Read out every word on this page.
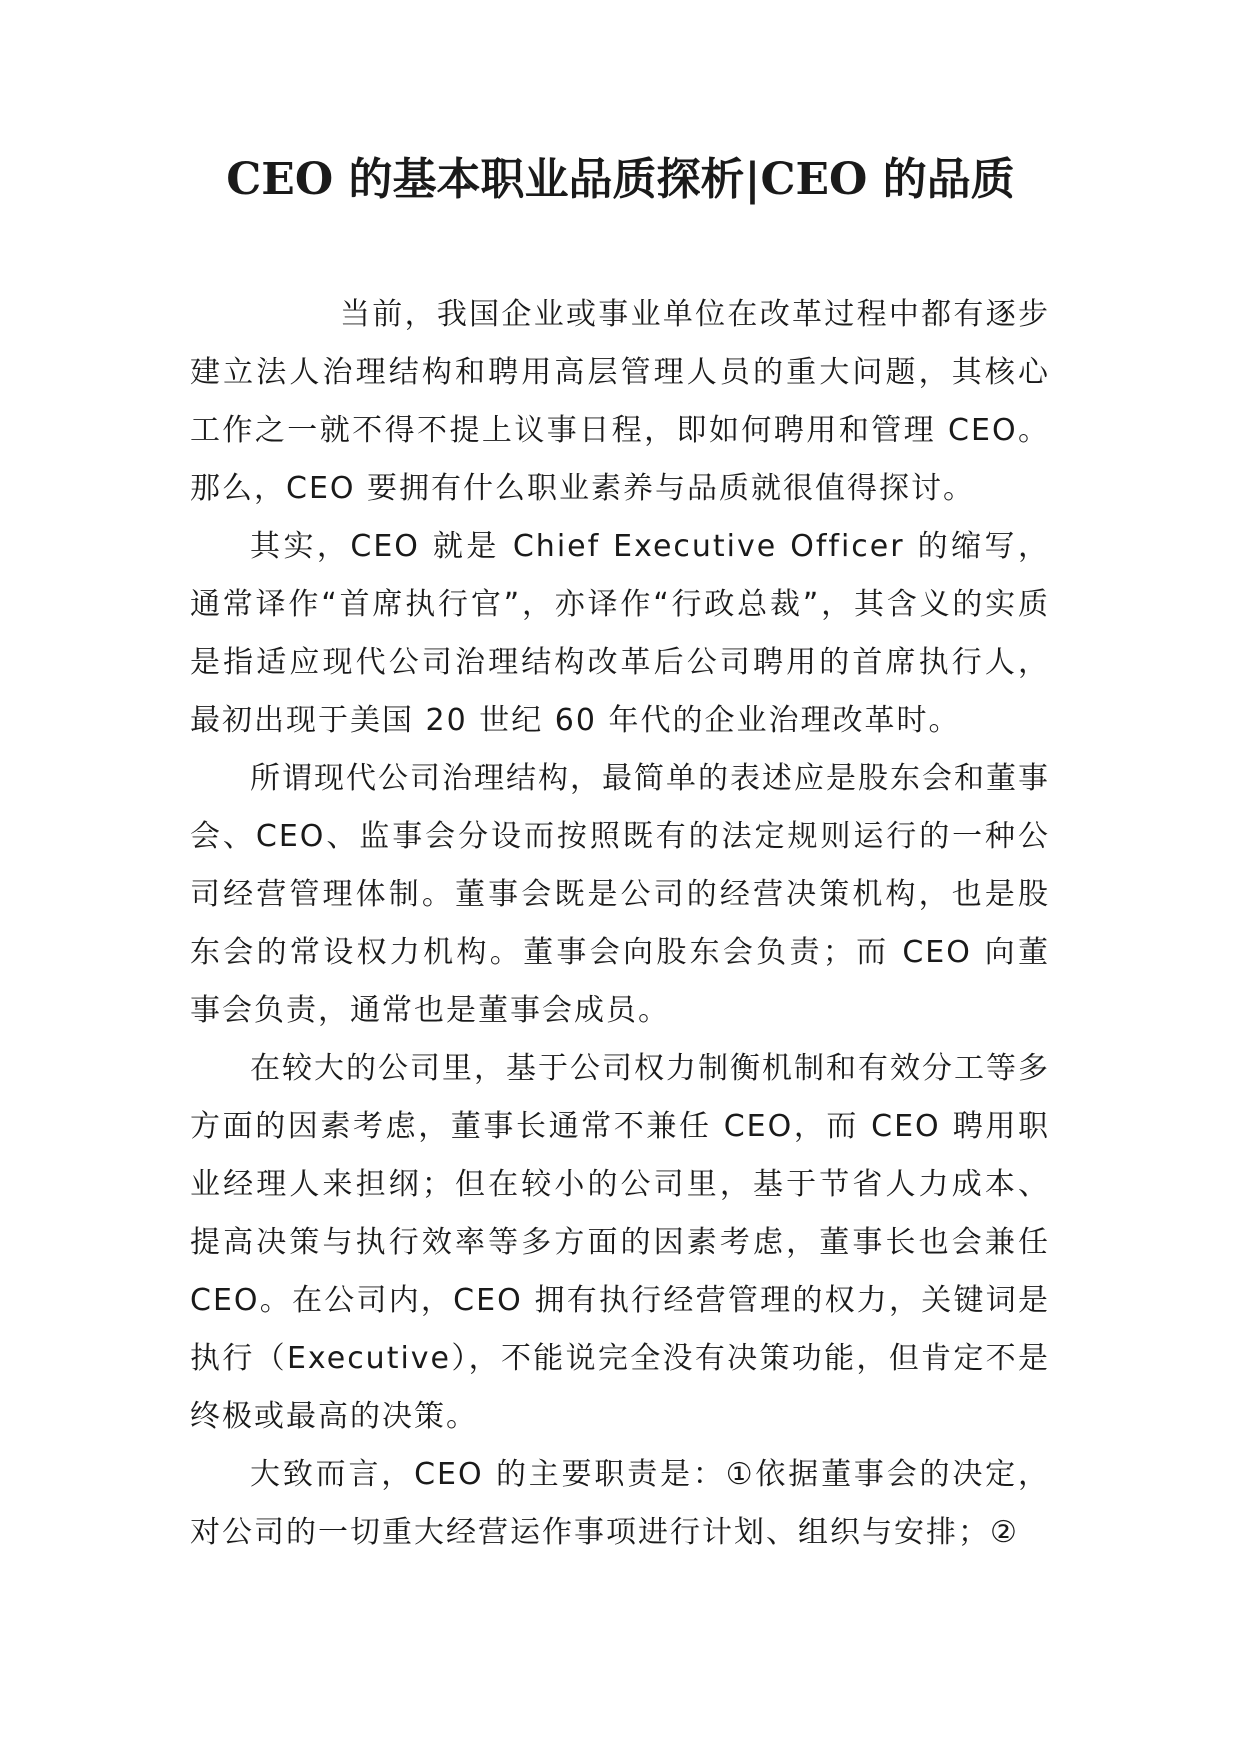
CEO 的基本职业品质探析|CEO 的品质

当前，我国企业或事业单位在改革过程中都有逐步建立法人治理结构和聘用高层管理人员的重大问题，其核心工作之一就不得不提上议事日程，即如何聘用和管理 CEO。那么，CEO 要拥有什么职业素养与品质就很值得探讨。

其实，CEO 就是 Chief Executive Officer 的缩写，通常译作“首席执行官”，亦译作“行政总裁”，其含义的实质是指适应现代公司治理结构改革后公司聘用的首席执行人，最初出现于美国 20 世纪 60 年代的企业治理改革时。

所谓现代公司治理结构，最简单的表述应是股东会和董事会、CEO、监事会分设而按照既有的法定规则运行的一种公司经营管理体制。董事会既是公司的经营决策机构，也是股东会的常设权力机构。董事会向股东会负责；而 CEO 向董事会负责，通常也是董事会成员。

在较大的公司里，基于公司权力制衡机制和有效分工等多方面的因素考虑，董事长通常不兼任 CEO，而 CEO 聘用职业经理人来担纲；但在较小的公司里，基于节省人力成本、提高决策与执行效率等多方面的因素考虑，董事长也会兼任 CEO。在公司内，CEO 拥有执行经营管理的权力，关键词是执行（Executive），不能说完全没有决策功能，但肯定不是终极或最高的决策。

大致而言，CEO 的主要职责是：①依据董事会的决定，对公司的一切重大经营运作事项进行计划、组织与安排；②
